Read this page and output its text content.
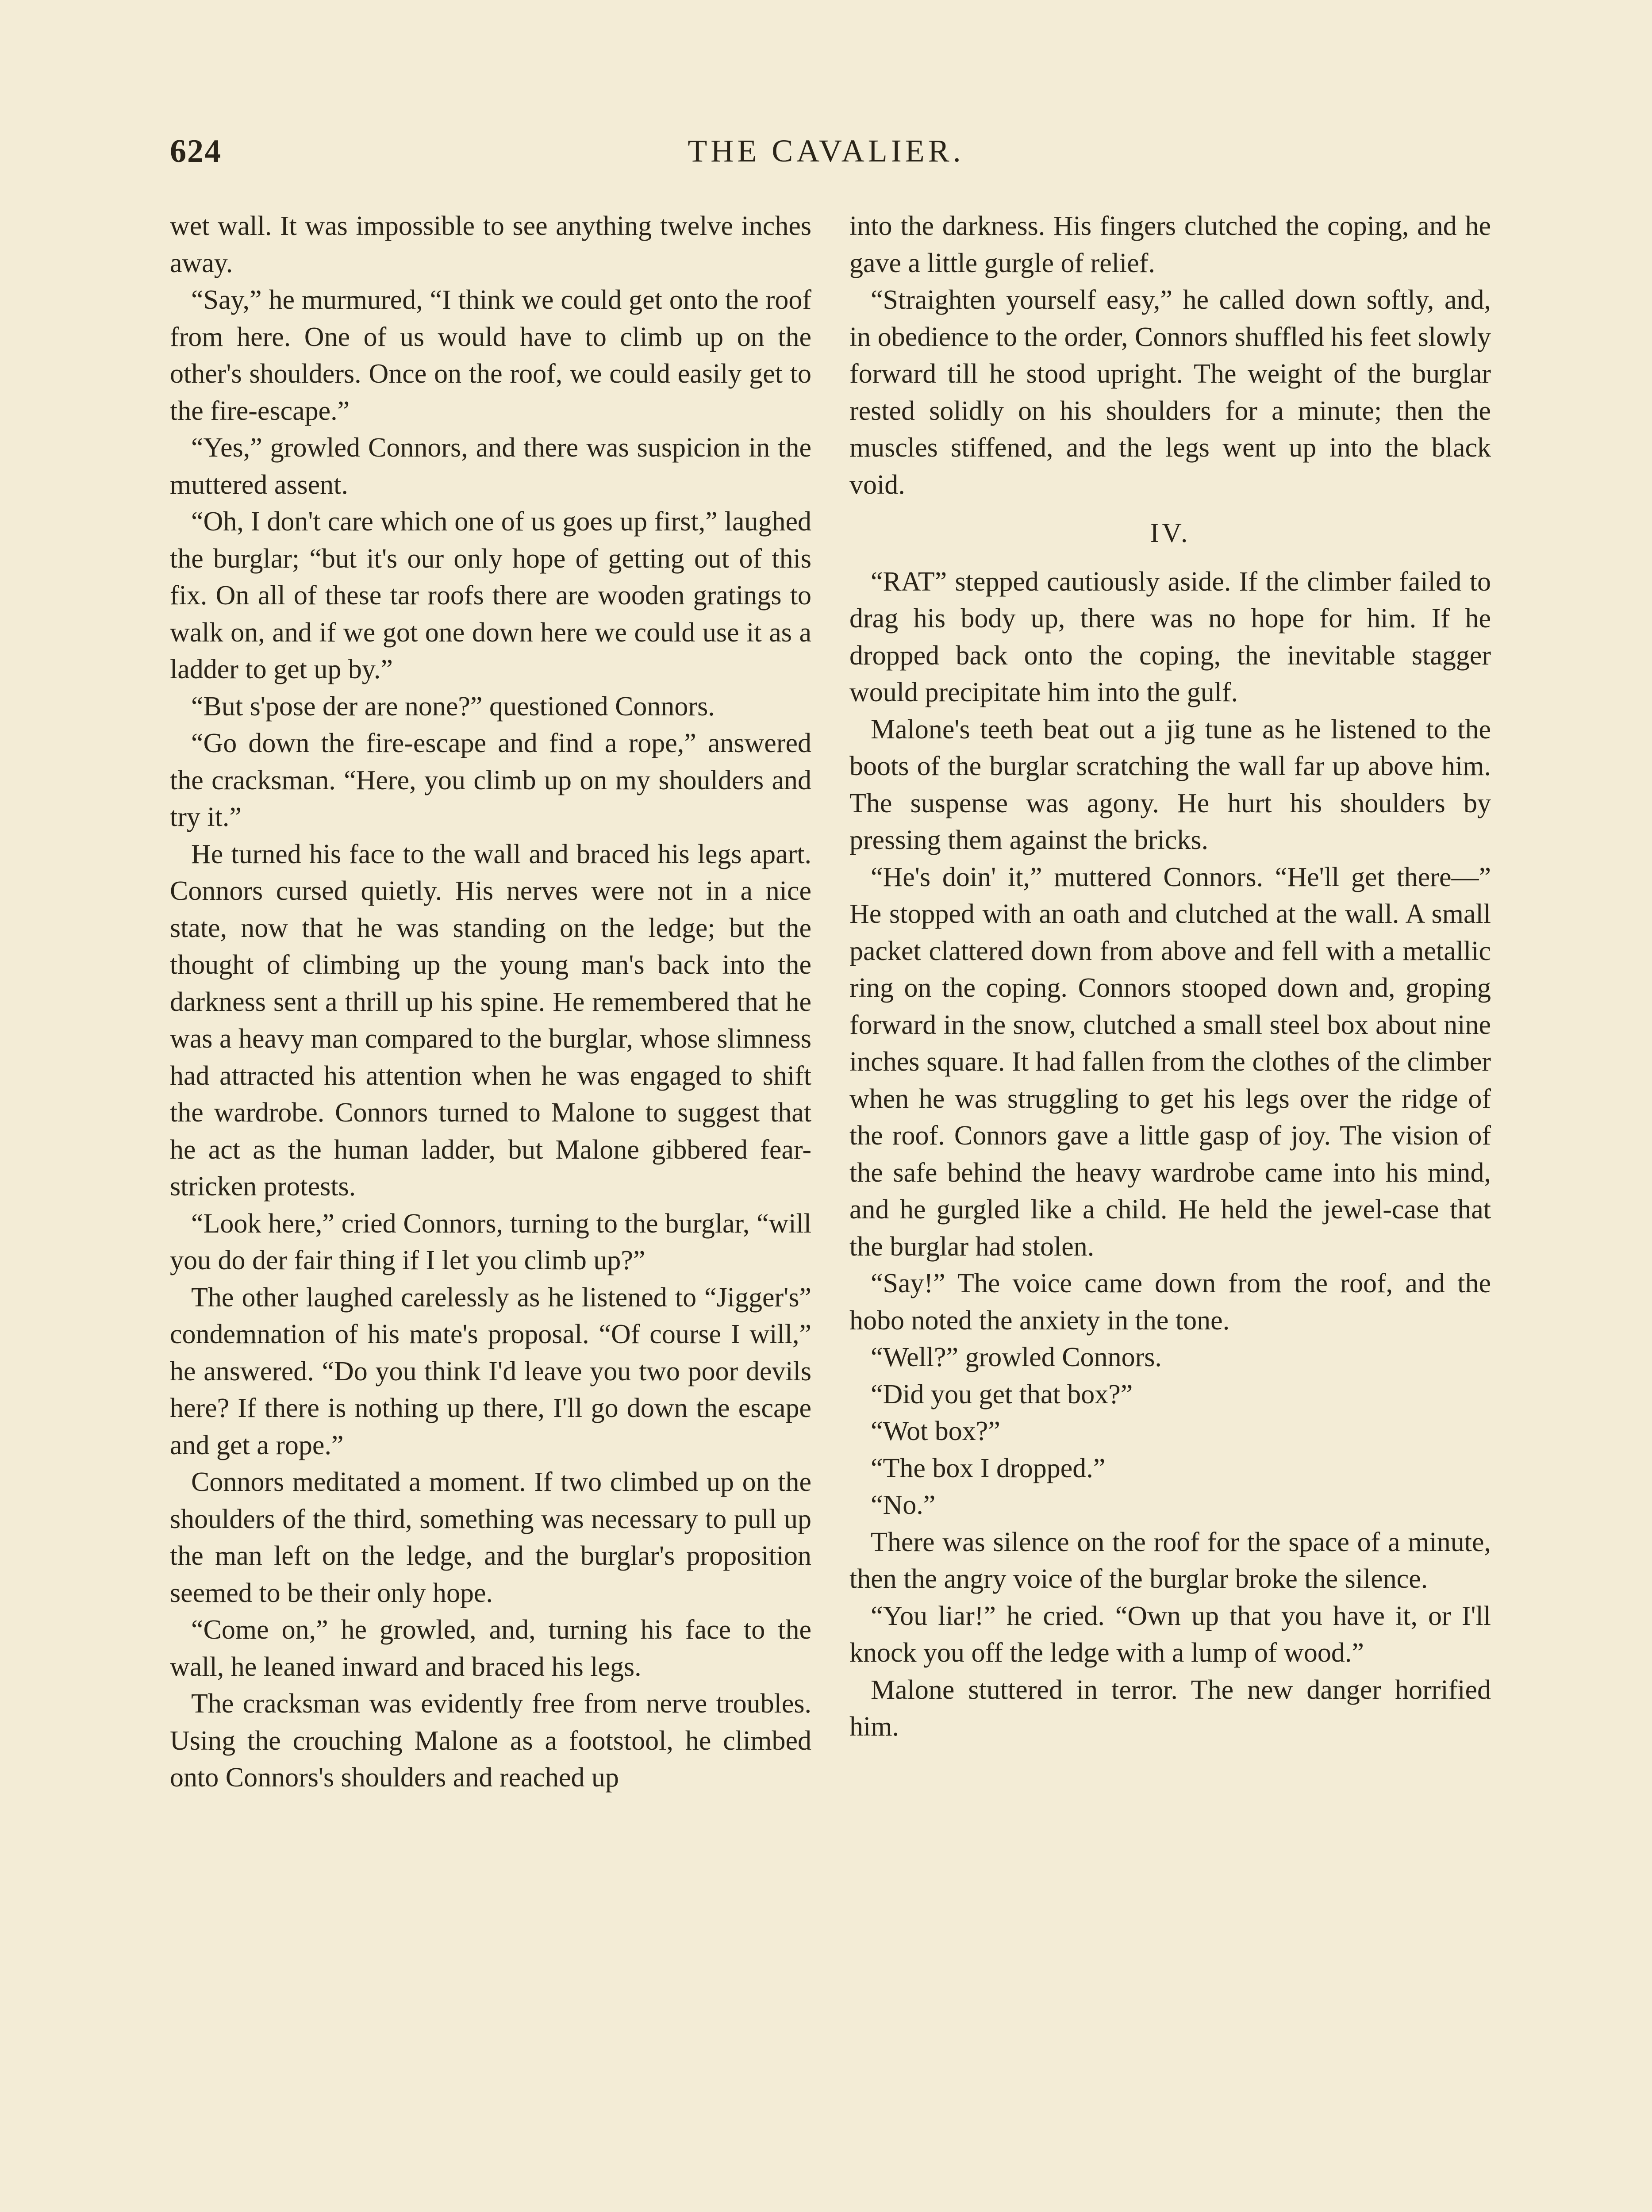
624	THE CAVALIER.

wet wall. It was impossible to see anything twelve inches away.

“Say,” he murmured, “I think we could get onto the roof from here. One of us would have to climb up on the other's shoulders. Once on the roof, we could easily get to the fire-escape.”

“Yes,” growled Connors, and there was suspicion in the muttered assent.

“Oh, I don't care which one of us goes up first,” laughed the burglar; “but it's our only hope of getting out of this fix. On all of these tar roofs there are wooden gratings to walk on, and if we got one down here we could use it as a ladder to get up by.”

“But s'pose der are none?” questioned Connors.

“Go down the fire-escape and find a rope,” answered the cracksman. “Here, you climb up on my shoulders and try it.”

He turned his face to the wall and braced his legs apart. Connors cursed quietly. His nerves were not in a nice state, now that he was standing on the ledge; but the thought of climbing up the young man's back into the darkness sent a thrill up his spine. He remembered that he was a heavy man compared to the burglar, whose slimness had attracted his attention when he was engaged to shift the wardrobe. Connors turned to Malone to suggest that he act as the human ladder, but Malone gibbered fear-stricken protests.

“Look here,” cried Connors, turning to the burglar, “will you do der fair thing if I let you climb up?”

The other laughed carelessly as he listened to “Jigger's” condemnation of his mate's proposal. “Of course I will,” he answered. “Do you think I'd leave you two poor devils here? If there is nothing up there, I'll go down the escape and get a rope.”

Connors meditated a moment. If two climbed up on the shoulders of the third, something was necessary to pull up the man left on the ledge, and the burglar's proposition seemed to be their only hope.

“Come on,” he growled, and, turning his face to the wall, he leaned inward and braced his legs.

The cracksman was evidently free from nerve troubles. Using the crouching Malone as a footstool, he climbed onto Connors's shoulders and reached up

into the darkness. His fingers clutched the coping, and he gave a little gurgle of relief.

“Straighten yourself easy,” he called down softly, and, in obedience to the order, Connors shuffled his feet slowly forward till he stood upright. The weight of the burglar rested solidly on his shoulders for a minute; then the muscles stiffened, and the legs went up into the black void.

IV.

“RAT” stepped cautiously aside. If the climber failed to drag his body up, there was no hope for him. If he dropped back onto the coping, the inevitable stagger would precipitate him into the gulf.

Malone's teeth beat out a jig tune as he listened to the boots of the burglar scratching the wall far up above him. The suspense was agony. He hurt his shoulders by pressing them against the bricks.

“He's doin' it,” muttered Connors. “He'll get there—” He stopped with an oath and clutched at the wall. A small packet clattered down from above and fell with a metallic ring on the coping. Connors stooped down and, groping forward in the snow, clutched a small steel box about nine inches square. It had fallen from the clothes of the climber when he was struggling to get his legs over the ridge of the roof. Connors gave a little gasp of joy. The vision of the safe behind the heavy wardrobe came into his mind, and he gurgled like a child. He held the jewel-case that the burglar had stolen.

“Say!” The voice came down from the roof, and the hobo noted the anxiety in the tone.

“Well?” growled Connors.

“Did you get that box?”

“Wot box?”

“The box I dropped.”

“No.”

There was silence on the roof for the space of a minute, then the angry voice of the burglar broke the silence.

“You liar!” he cried. “Own up that you have it, or I'll knock you off the ledge with a lump of wood.”

Malone stuttered in terror. The new danger horrified him.
